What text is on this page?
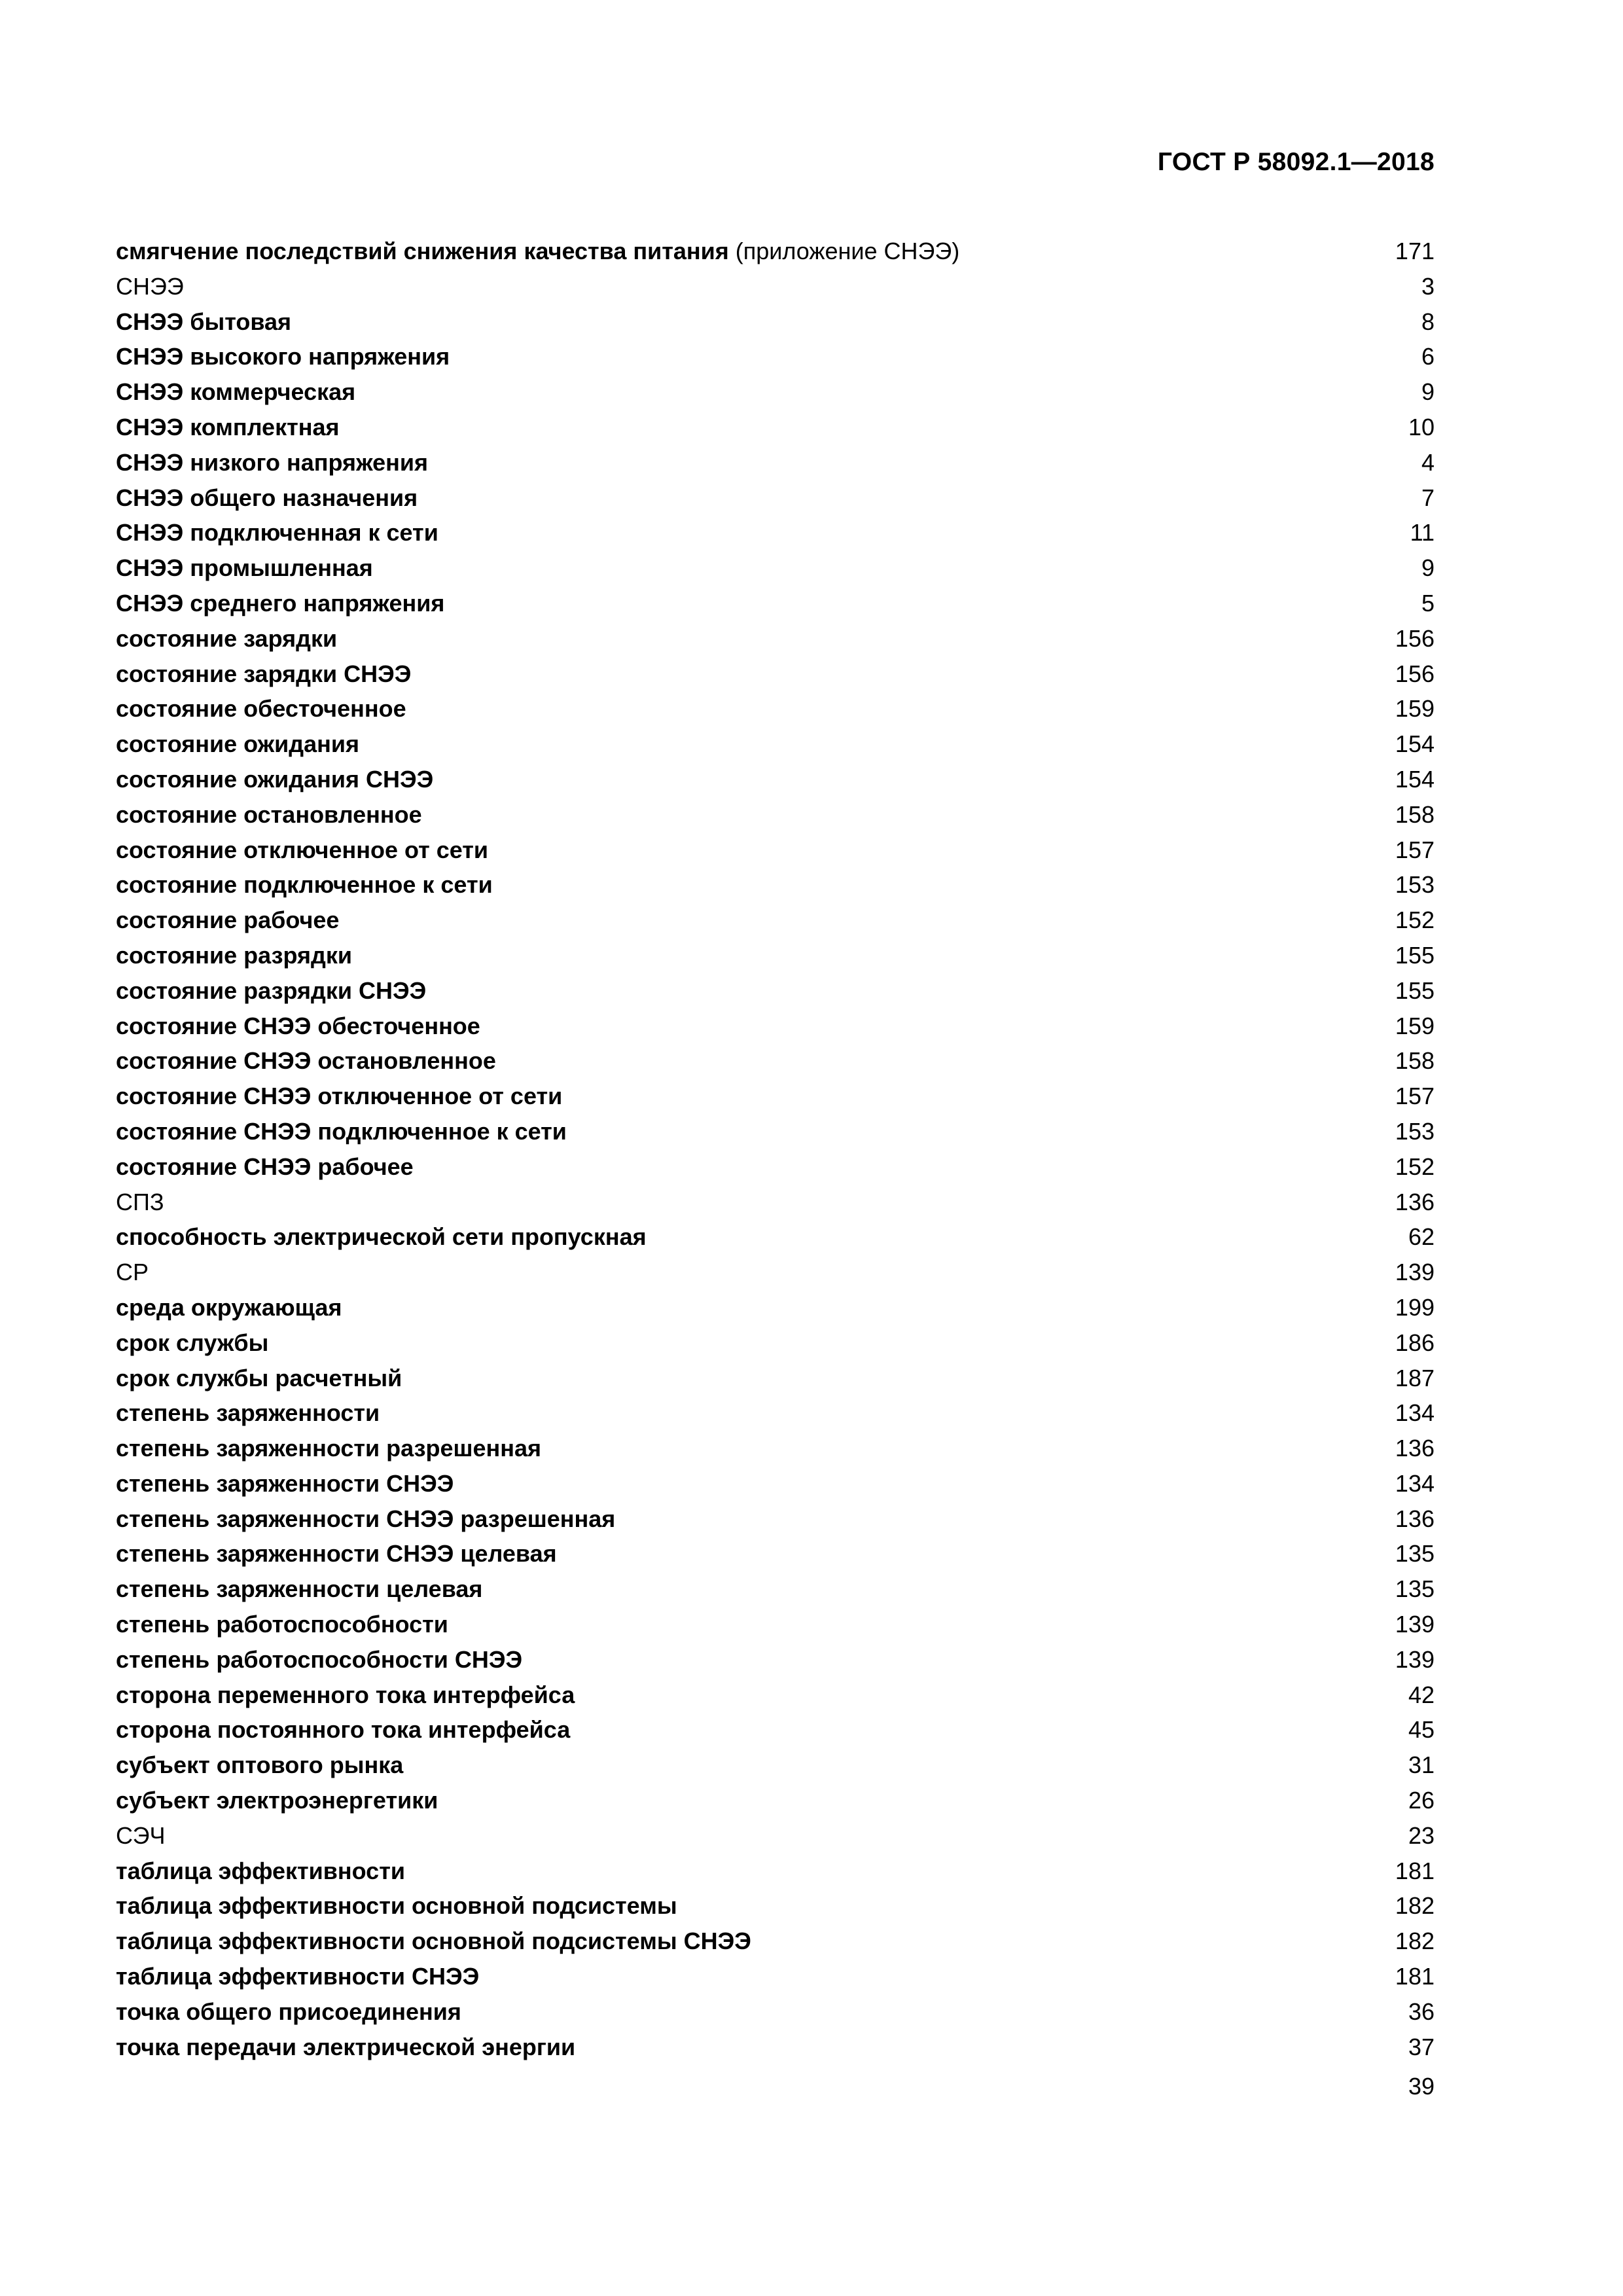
ГОСТ Р 58092.1—2018
смягчение последствий снижения качества питания (приложение СНЭЭ)	171
СНЭЭ	3
СНЭЭ бытовая	8
СНЭЭ высокого напряжения	6
СНЭЭ коммерческая	9
СНЭЭ комплектная	10
СНЭЭ низкого напряжения	4
СНЭЭ общего назначения	7
СНЭЭ подключенная к сети	11
СНЭЭ промышленная	9
СНЭЭ среднего напряжения	5
состояние зарядки	156
состояние зарядки СНЭЭ	156
состояние обесточенное	159
состояние ожидания	154
состояние ожидания СНЭЭ	154
состояние остановленное	158
состояние отключенное от сети	157
состояние подключенное к сети	153
состояние рабочее	152
состояние разрядки	155
состояние разрядки СНЭЭ	155
состояние СНЭЭ обесточенное	159
состояние СНЭЭ остановленное	158
состояние СНЭЭ отключенное от сети	157
состояние СНЭЭ подключенное к сети	153
состояние СНЭЭ рабочее	152
СПЗ	136
способность электрической сети пропускная	62
СР	139
среда окружающая	199
срок службы	186
срок службы расчетный	187
степень заряженности	134
степень заряженности разрешенная	136
степень заряженности СНЭЭ	134
степень заряженности СНЭЭ разрешенная	136
степень заряженности СНЭЭ целевая	135
степень заряженности целевая	135
степень работоспособности	139
степень работоспособности СНЭЭ	139
сторона переменного тока интерфейса	42
сторона постоянного тока интерфейса	45
субъект оптового рынка	31
субъект электроэнергетики	26
СЭЧ	23
таблица эффективности	181
таблица эффективности основной подсистемы	182
таблица эффективности основной подсистемы СНЭЭ	182
таблица эффективности СНЭЭ	181
точка общего присоединения	36
точка передачи электрической энергии	37
39
